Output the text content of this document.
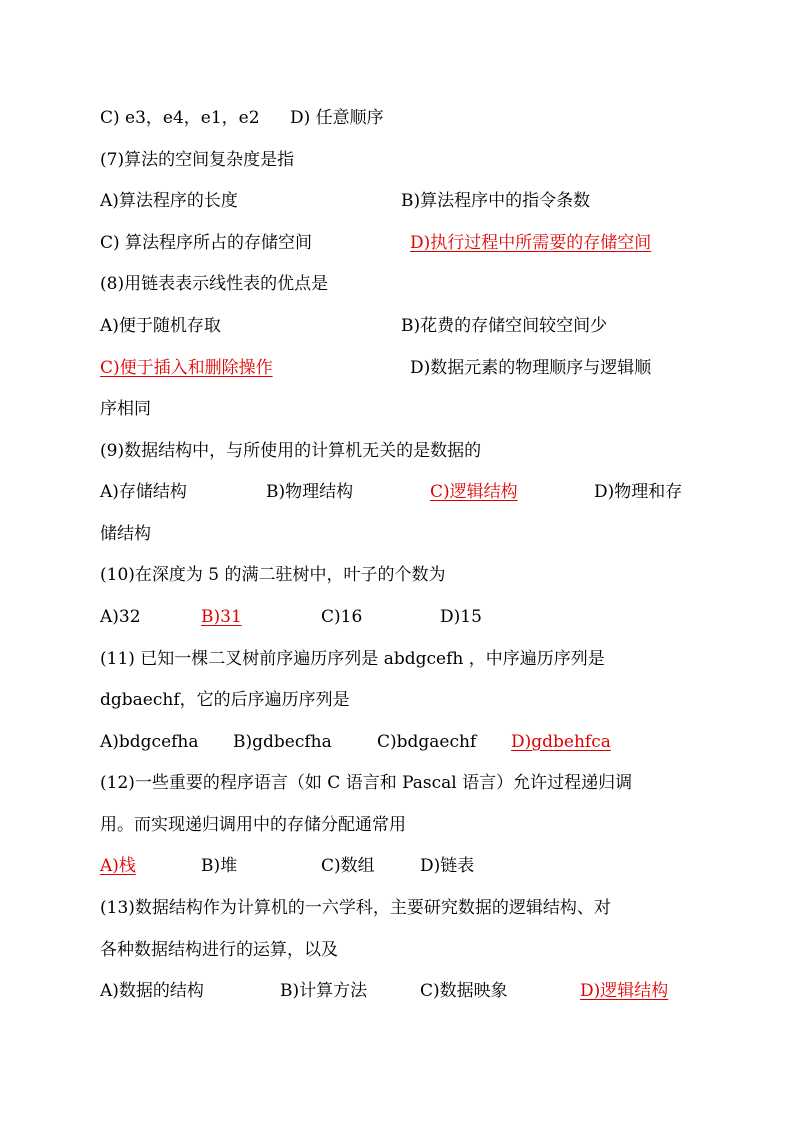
C) e3，e4，e1，e2 D) 任意顺序
(7)算法的空间复杂度是指
A)算法程序的长度	B)算法程序中的指令条数
C) 算法程序所占的存储空间	D)执行过程中所需要的存储空间
(8)用链表表示线性表的优点是
A)便于随机存取	B)花费的存储空间较空间少
C)便于插入和删除操作	D)数据元素的物理顺序与逻辑顺
序相同
(9)数据结构中，与所使用的计算机无关的是数据的
A)存储结构	B)物理结构	C)逻辑结构	D)物理和存
储结构
(10)在深度为 5 的满二驻树中，叶子的个数为
A)32	B)31	C)16	D)15
(11) 已知一棵二叉树前序遍历序列是 abdgcefh ，中序遍历序列是
dgbaechf，它的后序遍历序列是
A)bdgcefha B)gdbecfha	C)bdgaechf	D)gdbehfca
(12)一些重要的程序语言（如 C 语言和 Pascal 语言）允许过程递归调
用。而实现递归调用中的存储分配通常用
A)栈	B)堆	C)数组	D)链表
(13)数据结构作为计算机的一六学科，主要研究数据的逻辑结构、对
各种数据结构进行的运算，以及
A)数据的结构	B)计算方法	C)数据映象	D)逻辑结构
